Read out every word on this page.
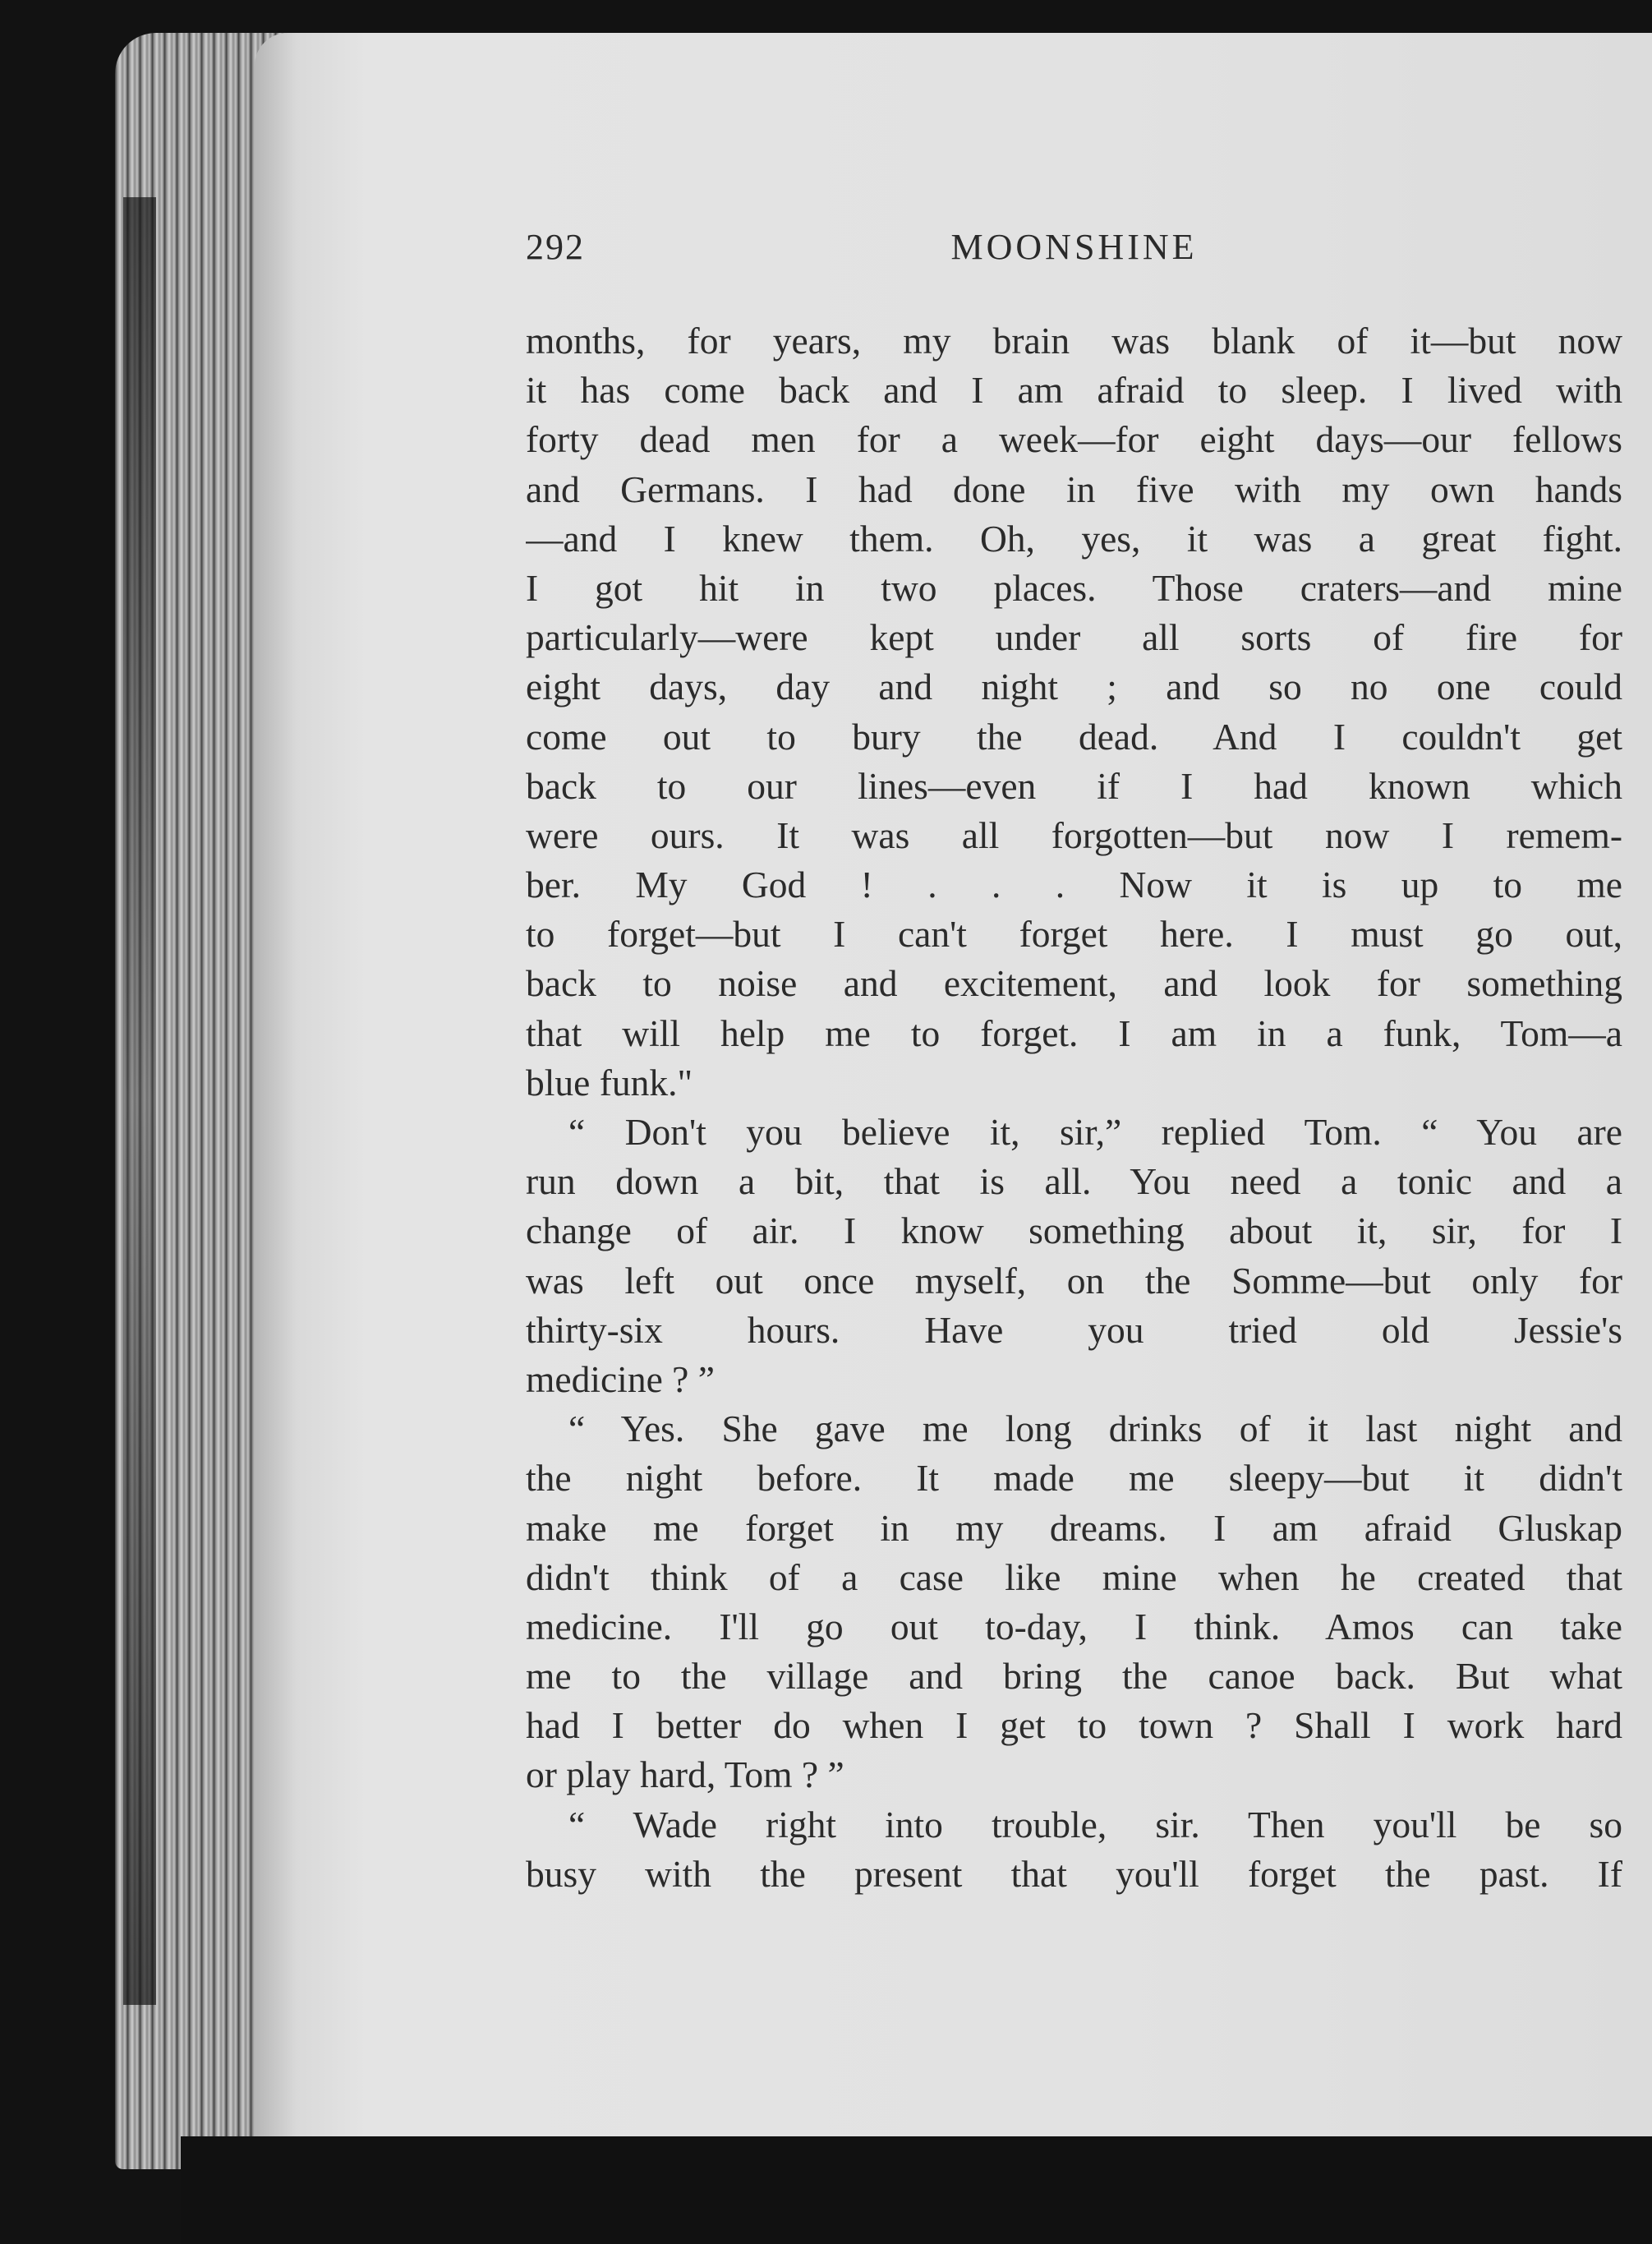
292	MOONSHINE
months, for years, my brain was blank of it—but now
it has come back and I am afraid to sleep. I lived with
forty dead men for a week—for eight days—our fellows
and Germans. I had done in five with my own hands
—and I knew them. Oh, yes, it was a great fight.
I got hit in two places. Those craters—and mine
particularly—were kept under all sorts of fire for
eight days, day and night ; and so no one could
come out to bury the dead. And I couldn't get
back to our lines—even if I had known which
were ours. It was all forgotten—but now I remem-
ber. My God ! . . . Now it is up to me
to forget—but I can't forget here. I must go out,
back to noise and excitement, and look for something
that will help me to forget. I am in a funk, Tom—a
blue funk."
“ Don't you believe it, sir,” replied Tom. “ You are
run down a bit, that is all. You need a tonic and a
change of air. I know something about it, sir, for I
was left out once myself, on the Somme—but only for
thirty-six hours. Have you tried old Jessie's
medicine ? ”
“ Yes. She gave me long drinks of it last night and
the night before. It made me sleepy—but it didn't
make me forget in my dreams. I am afraid Gluskap
didn't think of a case like mine when he created that
medicine. I'll go out to-day, I think. Amos can take
me to the village and bring the canoe back. But what
had I better do when I get to town ? Shall I work hard
or play hard, Tom ? ”
“ Wade right into trouble, sir. Then you'll be so
busy with the present that you'll forget the past. If
